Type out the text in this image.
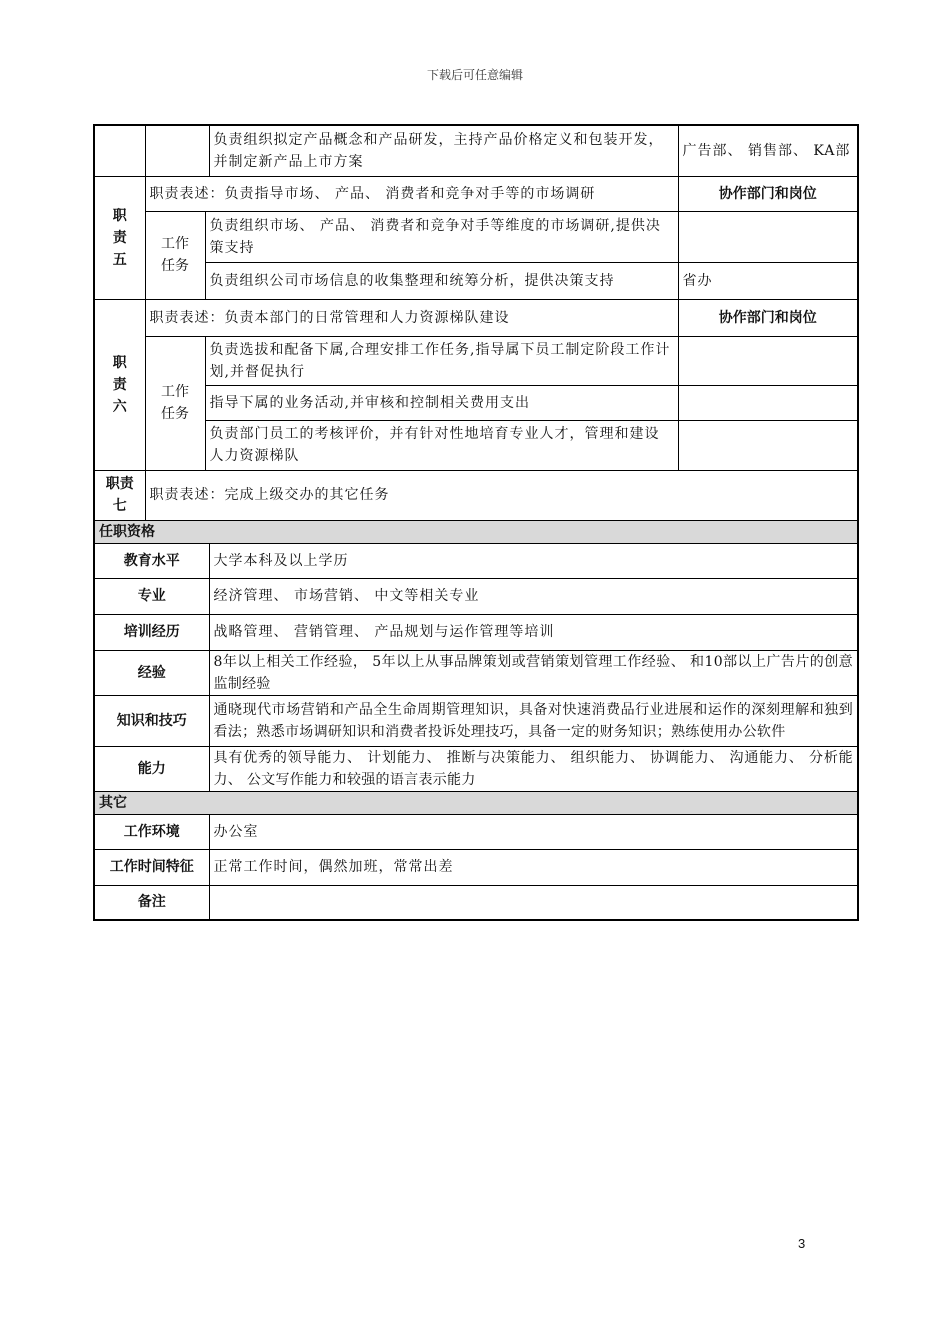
下载后可任意编辑
			负责组织拟定产品概念和产品研发，主持产品价格定义和包装开发，并制定新产品上市方案	广告部、 销售部、 KA部

职责五	职责表述：负责指导市场、 产品、 消费者和竞争对手等的市场调研			协作部门和岗位

	工作任务	负责组织市场、 产品、 消费者和竞争对手等维度的市场调研,提供决策支持		
		负责组织公司市场信息的收集整理和统筹分析，提供决策支持		省办

职责六	职责表述：负责本部门的日常管理和人力资源梯队建设			协作部门和岗位

	工作任务	负责选拔和配备下属,合理安排工作任务,指导属下员工制定阶段工作计划,并督促执行		
		指导下属的业务活动,并审核和控制相关费用支出		
		负责部门员工的考核评价，并有针对性地培育专业人才，管理和建设人力资源梯队		

职责七	职责表述：完成上级交办的其它任务			
任职资格				
教育水平			大学本科及以上学历	
专业			经济管理、 市场营销、 中文等相关专业	
培训经历			战略管理、 营销管理、 产品规划与运作管理等培训	
经验			8年以上相关工作经验， 5年以上从事品牌策划或营销策划管理工作经验、 和10部以上广告片的创意监制经验	
知识和技巧			通晓现代市场营销和产品全生命周期管理知识，具备对快速消费品行业进展和运作的深刻理解和独到看法；熟悉市场调研知识和消费者投诉处理技巧，具备一定的财务知识；熟练使用办公软件	
能力			具有优秀的领导能力、 计划能力、 推断与决策能力、 组织能力、 协调能力、 沟通能力、 分析能力、 公文写作能力和较强的语言表示能力	
其它				
工作环境			办公室	
工作时间特征			正常工作时间，偶然加班，常常出差	
备注				
3
